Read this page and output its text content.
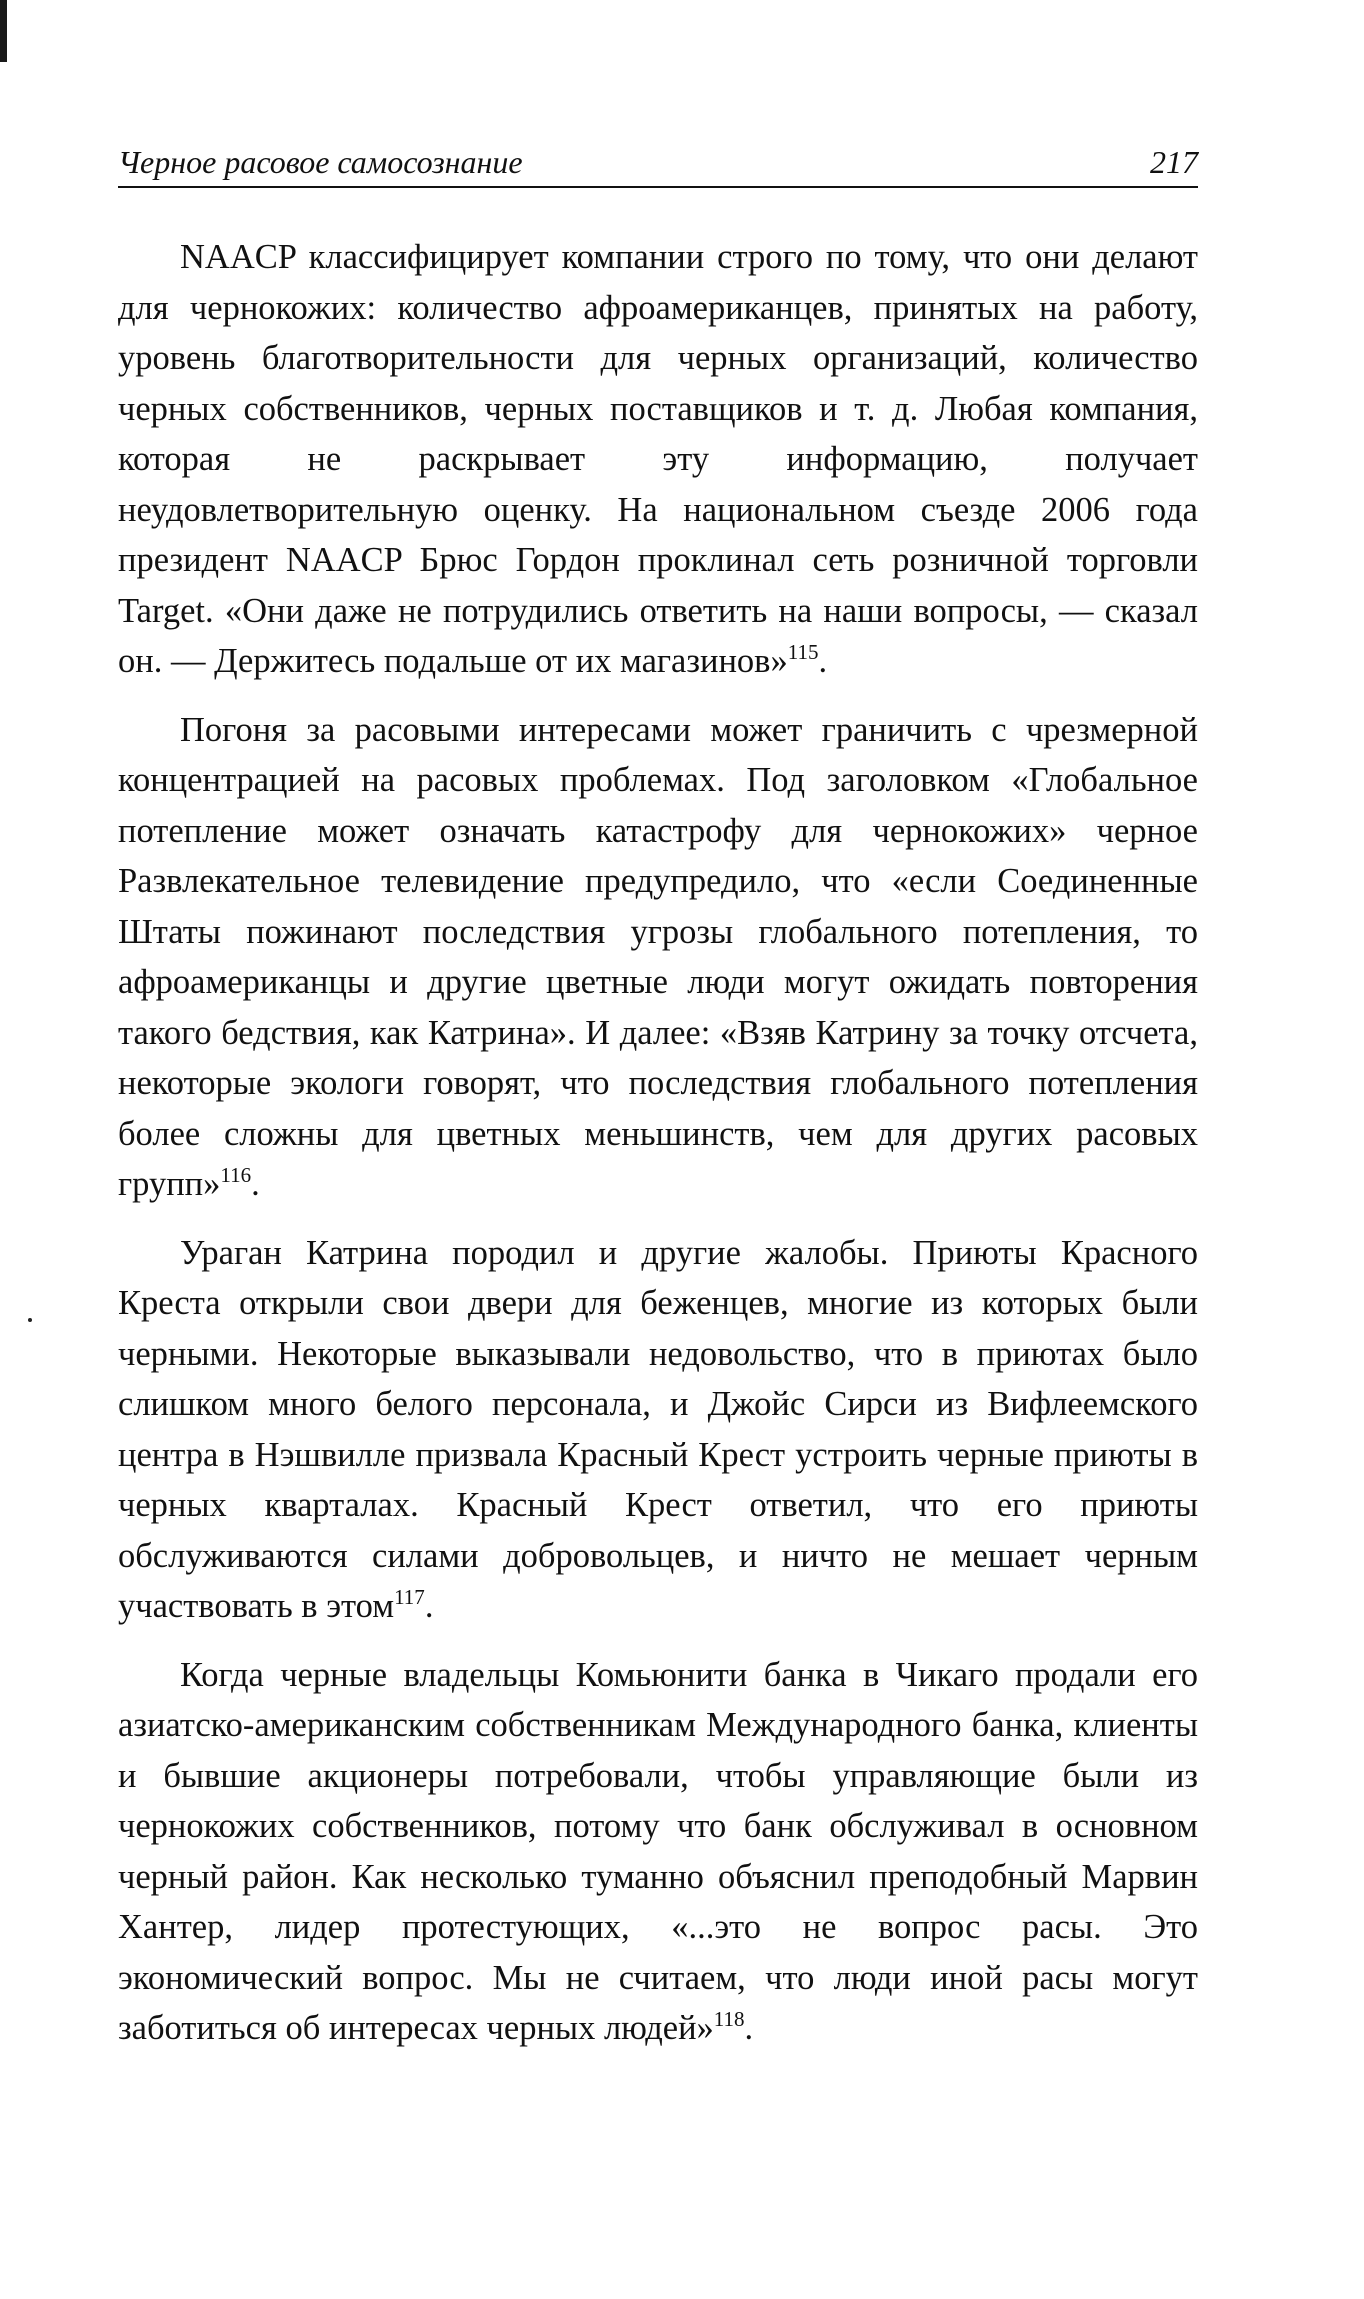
Черное расовое самосознание	217

NAACP классифицирует компании строго по тому, что они делают для чернокожих: количество афроамериканцев, принятых на работу, уровень благотворительности для черных организаций, количество черных собственников, черных поставщиков и т. д. Любая компания, которая не раскрывает эту информацию, получает неудовлетворительную оценку. На национальном съезде 2006 года президент NAACP Брюс Гордон проклинал сеть розничной торговли Target. «Они даже не потрудились ответить на наши вопросы, — сказал он. — Держитесь подальше от их магазинов»$^{115}$.

Погоня за расовыми интересами может граничить с чрезмерной концентрацией на расовых проблемах. Под заголовком «Глобальное потепление может означать катастрофу для чернокожих» черное Развлекательное телевидение предупредило, что «если Соединенные Штаты пожинают последствия угрозы глобального потепления, то афроамериканцы и другие цветные люди могут ожидать повторения такого бедствия, как Катрина». И далее: «Взяв Катрину за точку отсчета, некоторые экологи говорят, что последствия глобального потепления более сложны для цветных меньшинств, чем для других расовых групп»$^{116}$.

Ураган Катрина породил и другие жалобы. Приюты Красного Креста открыли свои двери для беженцев, многие из которых были черными. Некоторые выказывали недовольство, что в приютах было слишком много белого персонала, и Джойс Сирси из Вифлеемского центра в Нэшвилле призвала Красный Крест устроить черные приюты в черных кварталах. Красный Крест ответил, что его приюты обслуживаются силами добровольцев, и ничто не мешает черным участвовать в этом$^{117}$.

Когда черные владельцы Комьюнити банка в Чикаго продали его азиатско-американским собственникам Международного банка, клиенты и бывшие акционеры потребовали, чтобы управляющие были из чернокожих собственников, потому что банк обслуживал в основном черный район. Как несколько туманно объяснил преподобный Марвин Хантер, лидер протестующих, «...это не вопрос расы. Это экономический вопрос. Мы не считаем, что люди иной расы могут заботиться об интересах черных людей»$^{118}$.
